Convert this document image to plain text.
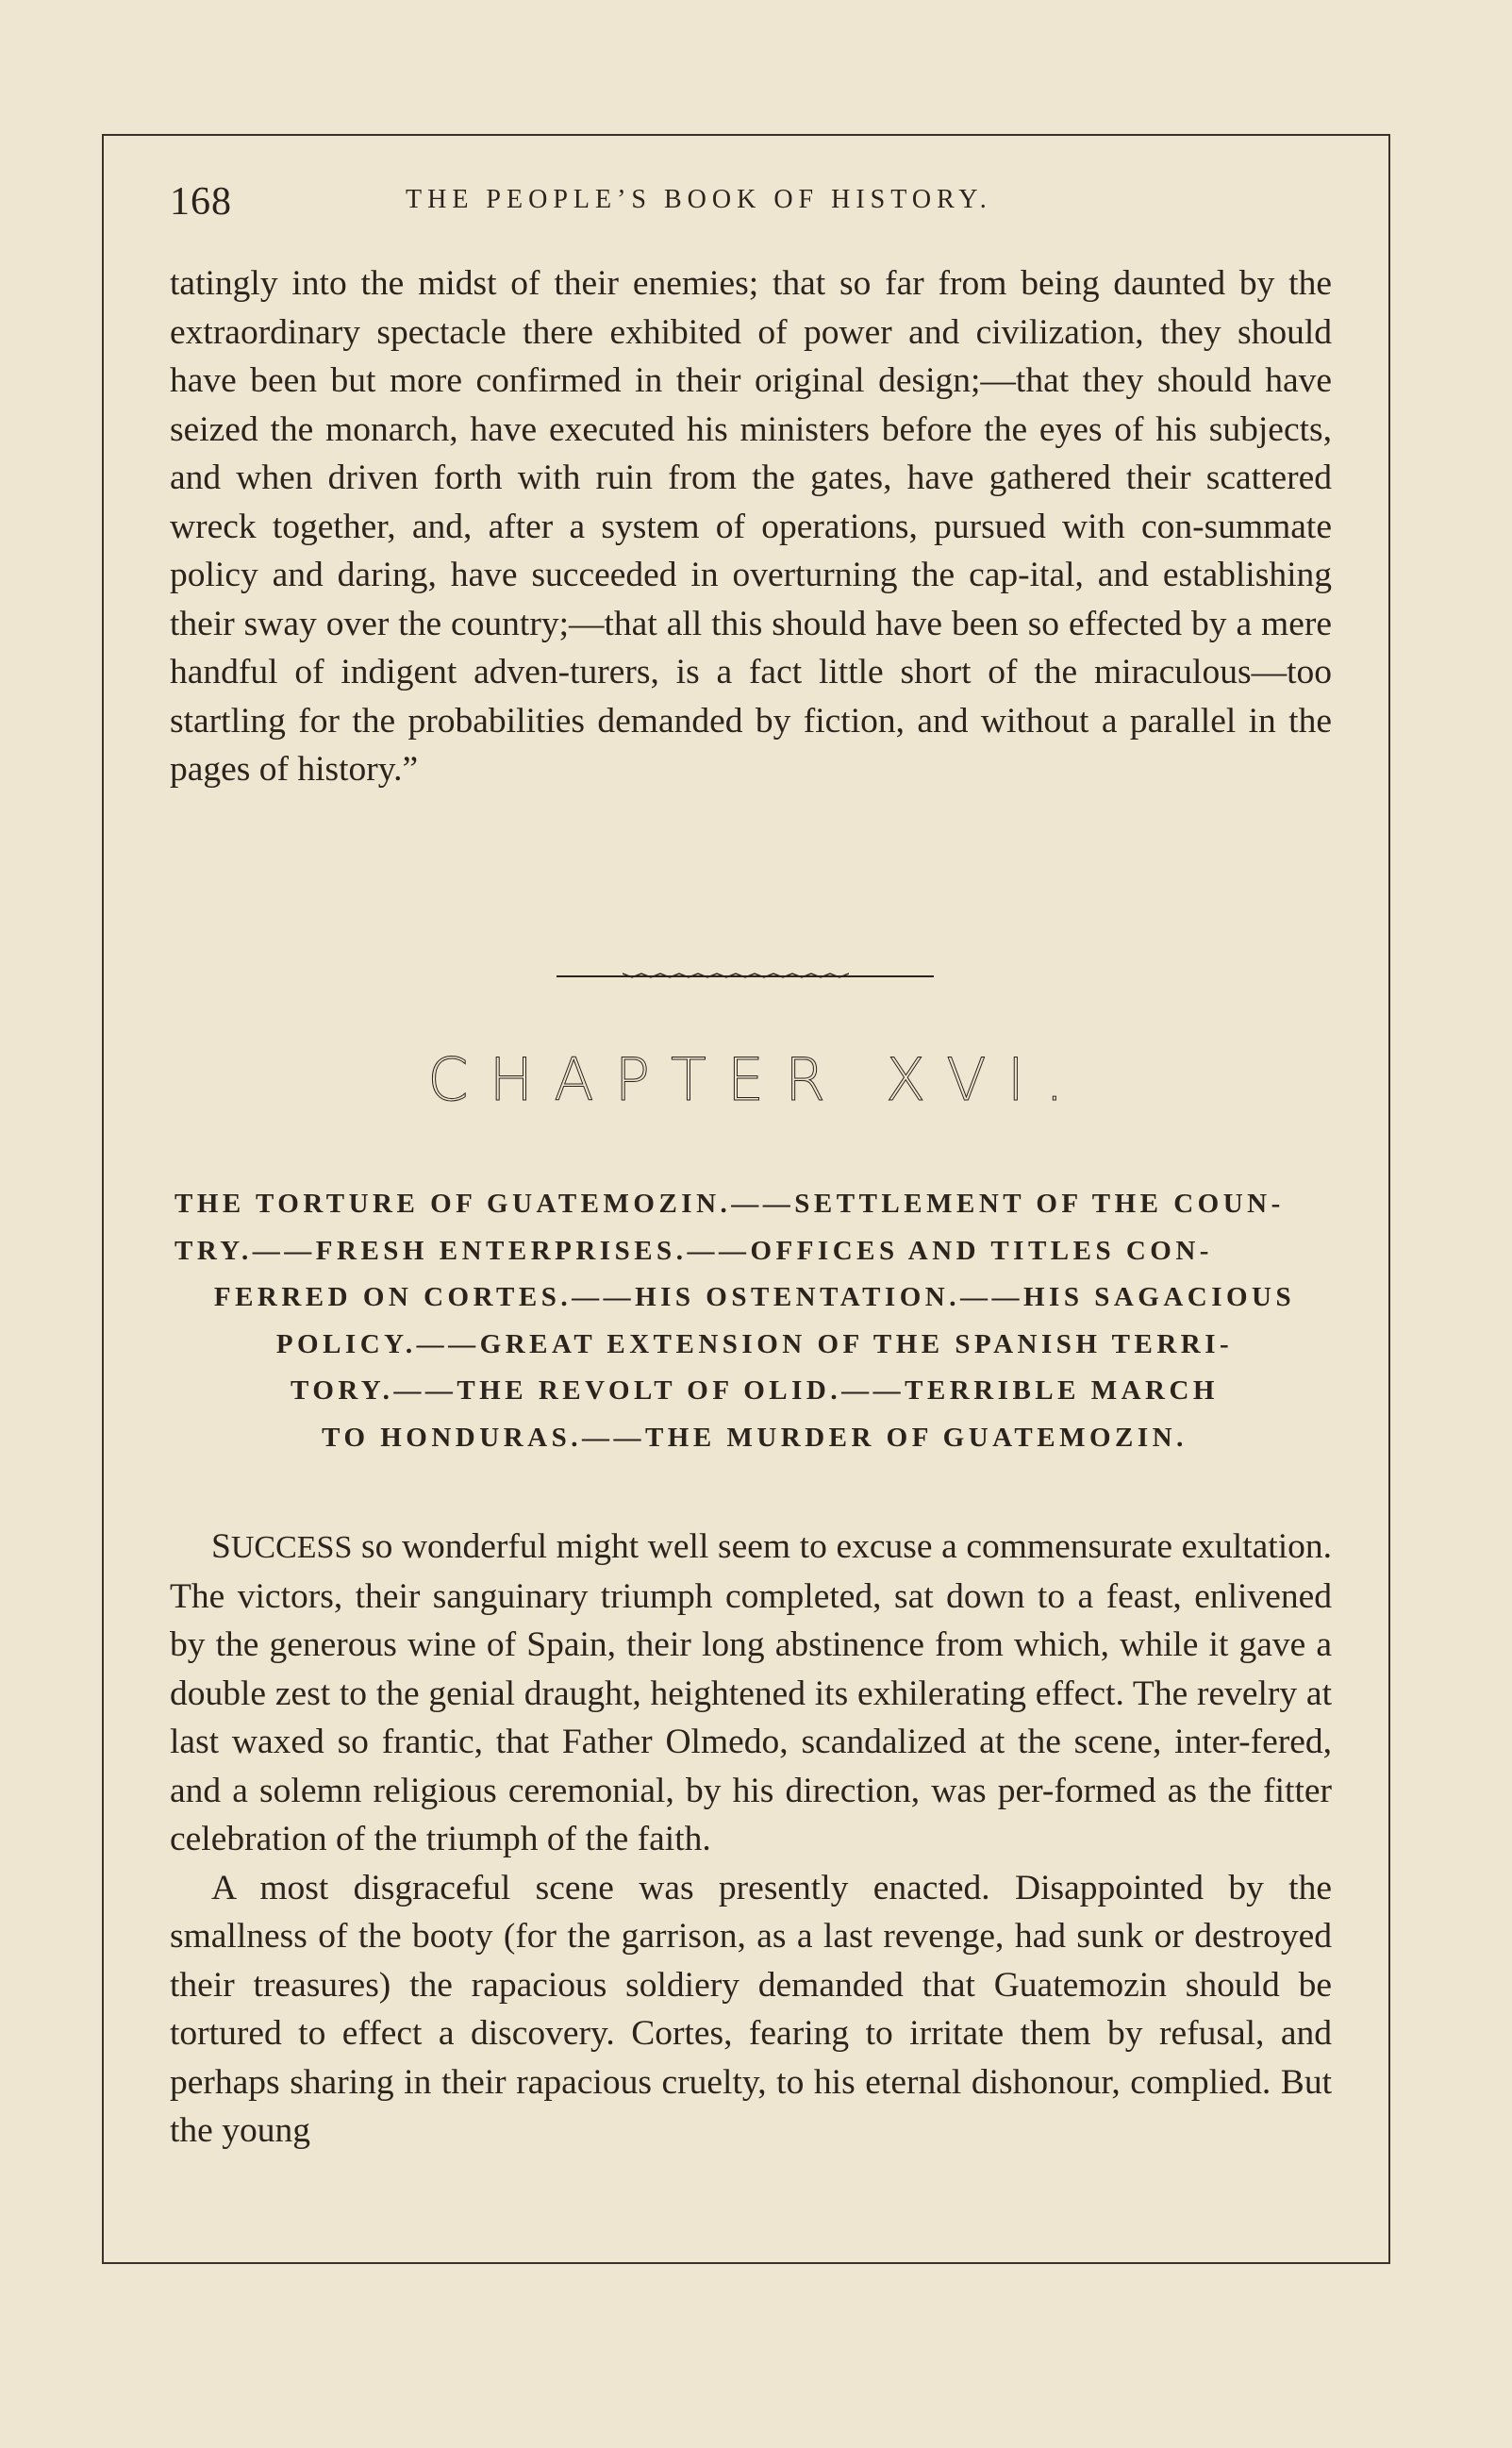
168	THE PEOPLE’S BOOK OF HISTORY.

tatingly into the midst of their enemies; that so far from being daunted by the extraordinary spectacle there exhibited of power and civilization, they should have been but more confirmed in their original design;—that they should have seized the monarch, have executed his ministers before the eyes of his subjects, and when driven forth with ruin from the gates, have gathered their scattered wreck together, and, after a system of operations, pursued with con-summate policy and daring, have succeeded in overturning the cap-ital, and establishing their sway over the country;—that all this should have been so effected by a mere handful of indigent adven-turers, is a fact little short of the miraculous—too startling for the probabilities demanded by fiction, and without a parallel in the pages of history.”

CHAPTER XVI.
THE TORTURE OF GUATEMOZIN.——SETTLEMENT OF THE COUN-
TRY.——FRESH ENTERPRISES.——OFFICES AND TITLES CON-
FERRED ON CORTES.——HIS OSTENTATION.——HIS SAGACIOUS
POLICY.——GREAT EXTENSION OF THE SPANISH TERRI-
TORY.——THE REVOLT OF OLID.——TERRIBLE MARCH
TO HONDURAS.——THE MURDER OF GUATEMOZIN.

SUCCESS so wonderful might well seem to excuse a commensurate exultation. The victors, their sanguinary triumph completed, sat down to a feast, enlivened by the generous wine of Spain, their long abstinence from which, while it gave a double zest to the genial draught, heightened its exhilerating effect. The revelry at last waxed so frantic, that Father Olmedo, scandalized at the scene, inter-fered, and a solemn religious ceremonial, by his direction, was per-formed as the fitter celebration of the triumph of the faith.

A most disgraceful scene was presently enacted. Disappointed by the smallness of the booty (for the garrison, as a last revenge, had sunk or destroyed their treasures) the rapacious soldiery demanded that Guatemozin should be tortured to effect a discovery. Cortes, fearing to irritate them by refusal, and perhaps sharing in their rapacious cruelty, to his eternal dishonour, complied. But the young
